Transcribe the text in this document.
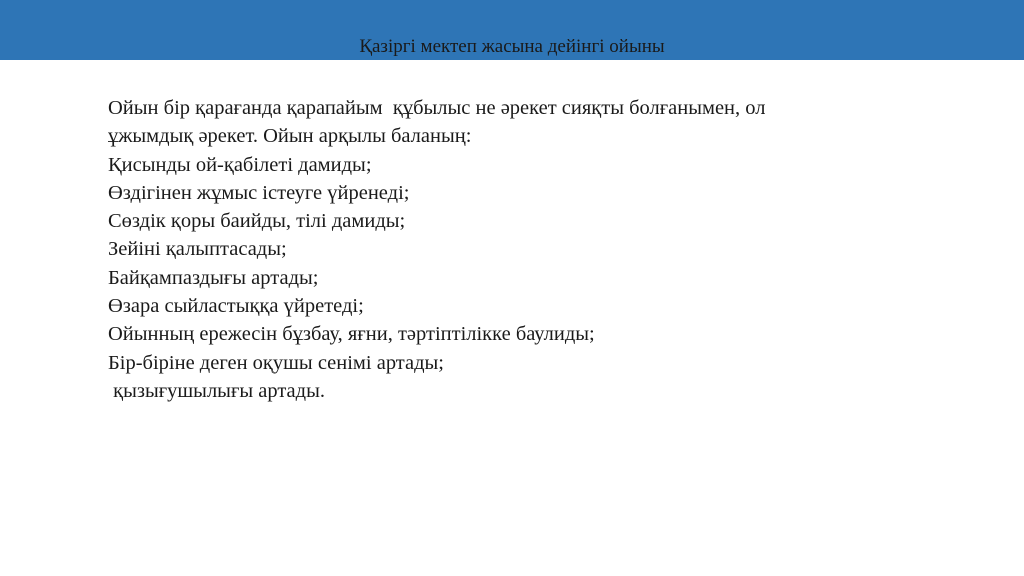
Қазіргі мектеп жасына дейінгі ойыны
Ойын бір қарағанда қарапайым  құбылыс не әрекет сияқты болғанымен, ол
ұжымдық әрекет. Ойын арқылы баланың:
Қисынды ой-қабілеті дамиды;
Өздігінен жұмыс істеуге үйренеді;
Сөздік қоры баийды, тілі дамиды;
Зейіні қалыптасады;
Байқампаздығы артады;
Өзара сыйластыққа үйретеді;
Ойынның ережесін бұзбау, яғни, тәртіптілікке баулиды;
Бір-біріне деген оқушы сенімі артады;
қызығушылығы артады.
